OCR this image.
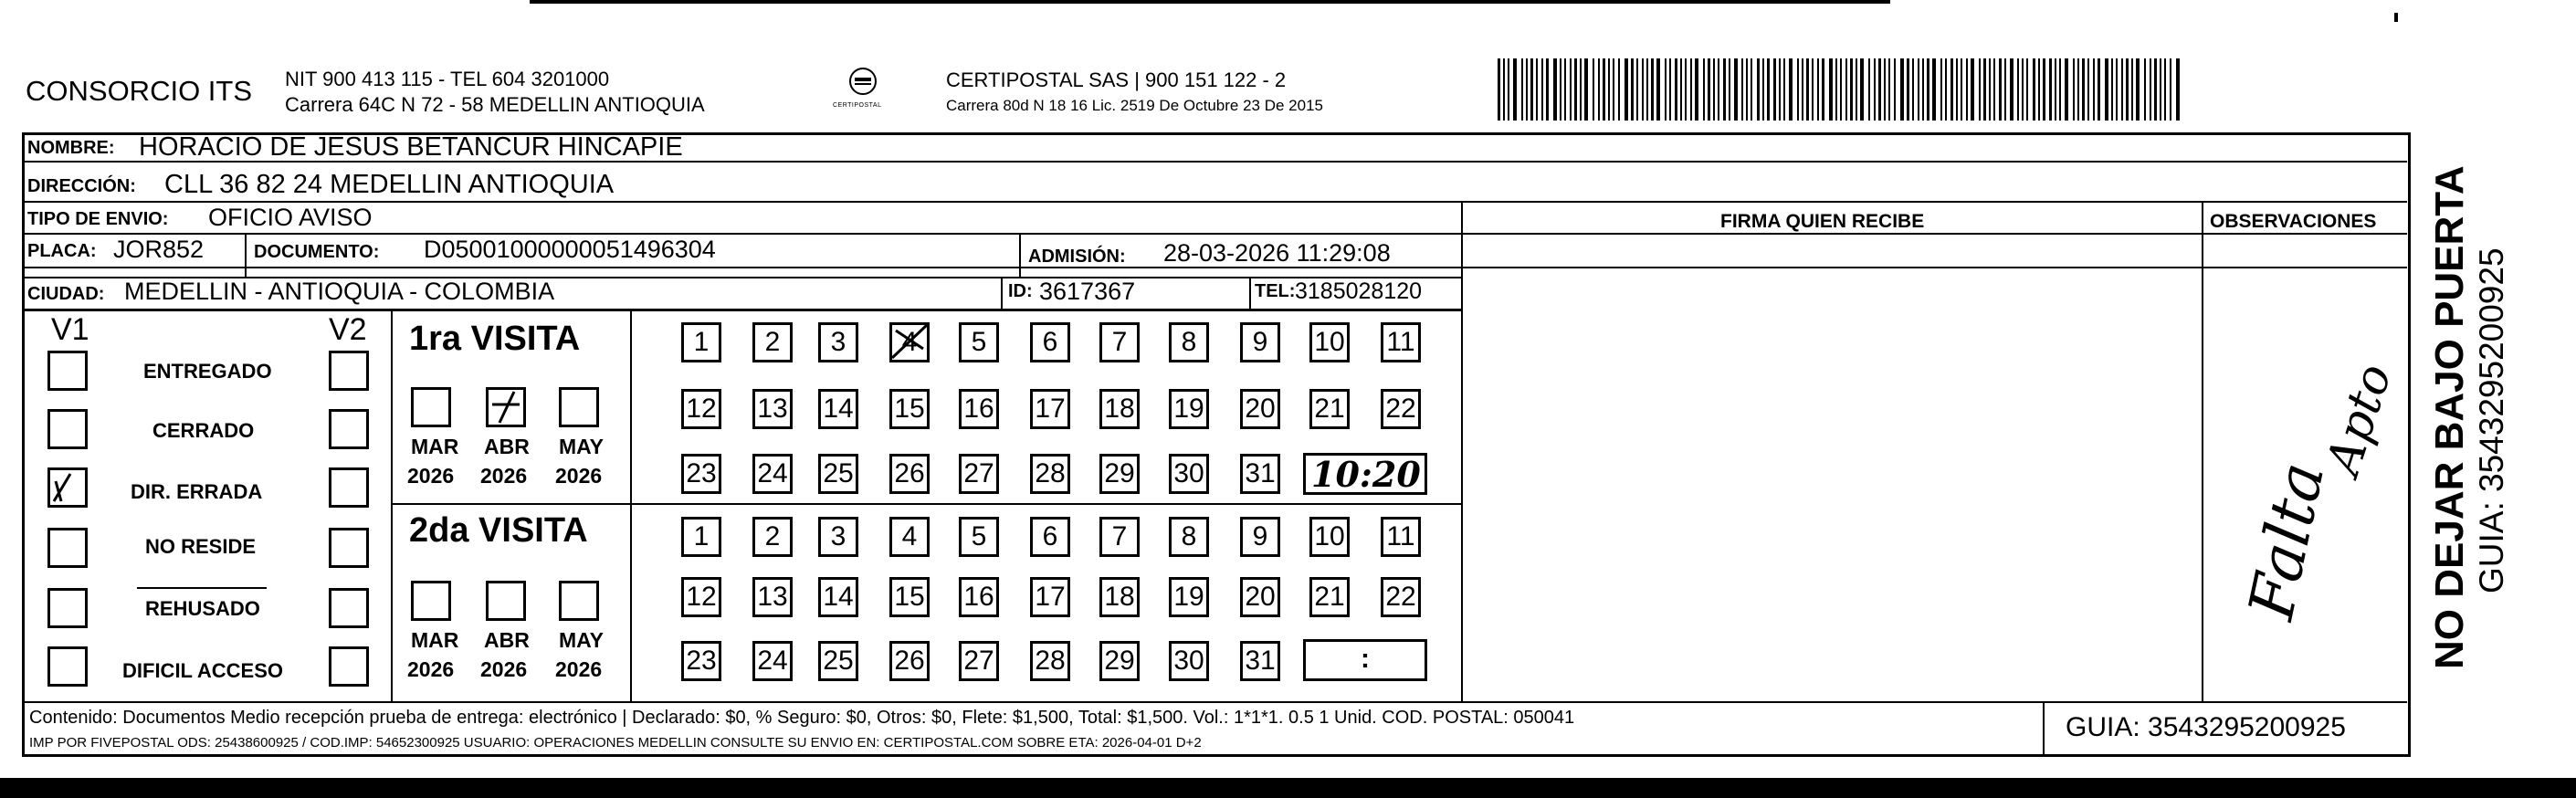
CONSORCIO ITS NIT 900 413 115 - TEL 604 3201000
Carrera 64C N 72 - 58 MEDELLIN ANTIOQUIA	CERTIPOSTAL
CERTIPOSTAL SAS | 900 151 122 - 2
Carrera 80d N 18 16 Lic. 2519 De Octubre 23 De 2015
NOMBRE: HORACIO DE JESUS BETANCUR HINCAPIE
DIRECCIÓN: CLL 36 82 24 MEDELLIN ANTIOQUIA
TIPO DE ENVIO: OFICIO AVISO	FIRMA QUIEN RECIBE	OBSERVACIONES
PLACA: JOR852	DOCUMENTO: D05001000000051496304	ADMISIÓN: 28-03-2026 11:29:08
CIUDAD: MEDELLIN - ANTIOQUIA - COLOMBIA	ID: 3617367	TEL: 3185028120
V1	V2
ENTREGADO
CERRADO
DIR. ERRADA
NO RESIDE
REHUSADO
DIFICIL ACCESO
1ra VISITA
MAR ABR MAY
2026 2026 2026
2da VISITA
MAR ABR MAY
2026 2026 2026
1	2	3	4	5	6	7	8	9	10 11
12 13 14 15 16 17 18 19 20 21 22
23 24 25 26 27 28 29 30 31
1	2	3	4	5	6	7	8	9	10 11
12 13 14 15 16 17 18 19 20 21 22
23 24 25 26 27 28 29 30 31
10:20
:
Falta
Apto
Contenido: Documentos Medio recepción prueba de entrega: electrónico | Declarado: $0, % Seguro: $0, Otros: $0, Flete: $1,500, Total: $1,500. Vol.: 1*1*1. 0.5 1 Unid. COD. POSTAL: 050041
IMP POR FIVEPOSTAL ODS: 25438600925 / COD.IMP: 54652300925 USUARIO: OPERACIONES MEDELLIN CONSULTE SU ENVIO EN: CERTIPOSTAL.COM SOBRE ETA: 2026-04-01 D+2
GUIA: 3543295200925
NO DEJAR BAJO PUERTA GUIA: 3543295200925
